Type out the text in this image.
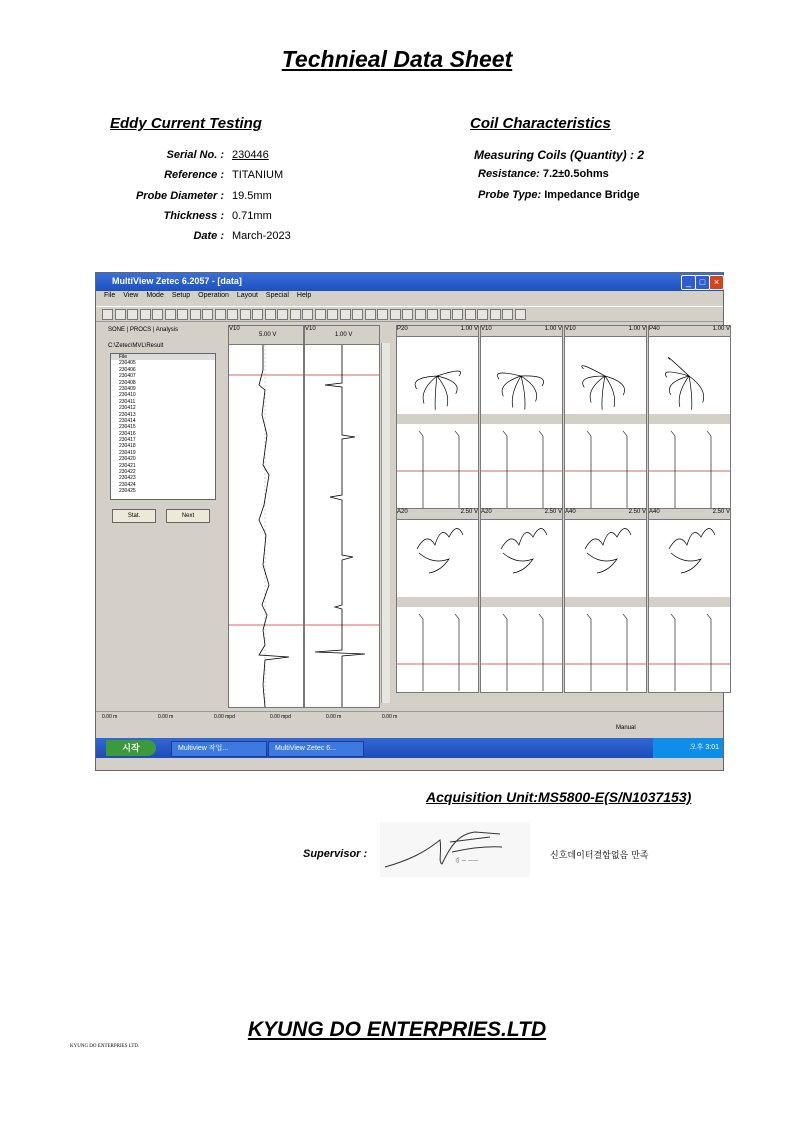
Technieal Data Sheet
Eddy Current Testing
Serial No. : 230446
Reference : TITANIUM
Probe Diameter : 19.5mm
Thickness : 0.71mm
Date : March-2023
Coil Characteristics
Measuring Coils (Quantity) : 2
Resistance: 7.2±0.5ohms
Probe Type: Impedance Bridge
MultiView Zetec 6.2057 - [data]	_ □ ×
File View Mode Setup Operation Layout Special Help
SONE | PROCS | Analysis
C:\Zetec\MVL\Result
File
230405
230406
230407
230408
230409
230410
230411
230412
230413
230414
230415
230416
230417
230418
230419
230420
230421
230422
230423
230424
230425
Stat.	Next
V10
5.00 V
V10
1.00 V
P20	1.00 V
A20	2.50 V
V10	1.00 V
A20	2.50 V
V10	1.00 V
A40	2.50 V
P40	1.00 V
A40	2.50 V
0.00 m	0.00 m	0.00 mpd	0.00 mpd	0.00 m	0.00 m
Manual
시작	Multiview 작업...	MultiView Zetec 6...	오후 3:01
Acquisition Unit:MS5800-E(S/N1037153)
Supervisor :
김 — ——	신호데이터결함없음 만족
KYUNG DO ENTERPRIES.LTD
KYUNG DO ENTERPRIES LTD.
